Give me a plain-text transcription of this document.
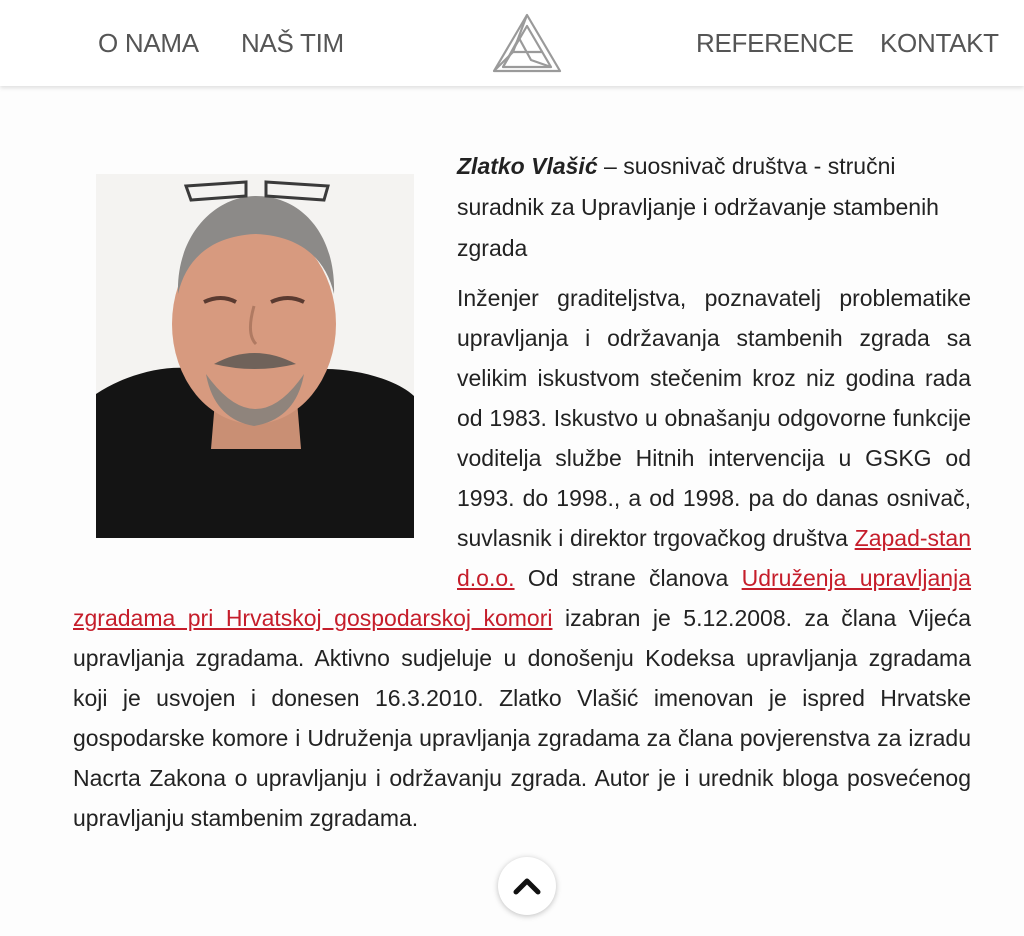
O NAMA NAŠ TIM	REFERENCE KONTAKT

Zlatko Vlašić – suosnivač društva - stručni suradnik za Upravljanje i održavanje stambenih zgrada

Inženjer graditeljstva, poznavatelj problematike upravljanja i održavanja stambenih zgrada sa velikim iskustvom stečenim kroz niz godina rada od 1983. Iskustvo u obnašanju odgovorne funkcije voditelja službe Hitnih intervencija u GSKG od 1993. do 1998., a od 1998. pa do danas osnivač, suvlasnik i direktor trgovačkog društva Zapad-stan d.o.o. Od strane članova Udruženja upravljanja zgradama pri Hrvatskoj gospodarskoj komori izabran je 5.12.2008. za člana Vijeća upravljanja zgradama. Aktivno sudjeluje u donošenju Kodeksa upravljanja zgradama koji je usvojen i donesen 16.3.2010. Zlatko Vlašić imenovan je ispred Hrvatske gospodarske komore i Udruženja upravljanja zgradama za člana povjerenstva za izradu Nacrta Zakona o upravljanju i održavanju zgrada. Autor je i urednik bloga posvećenog upravljanju stambenim zgradama.
